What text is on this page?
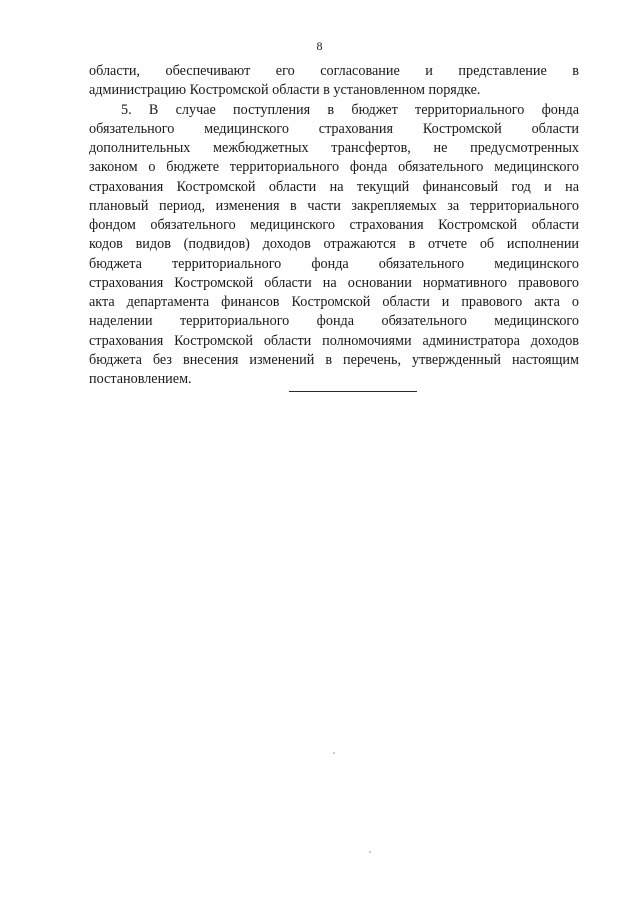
8
области, обеспечивают его согласование и представление в
администрацию Костромской области в установленном порядке.
5. В случае поступления в бюджет территориального фонда
обязательного медицинского страхования Костромской области
дополнительных межбюджетных трансфертов, не предусмотренных
законом о бюджете территориального фонда обязательного медицинского
страхования Костромской области на текущий финансовый год и на
плановый период, изменения в части закрепляемых за территориального
фондом обязательного медицинского страхования Костромской области
кодов видов (подвидов) доходов отражаются в отчете об исполнении
бюджета территориального фонда обязательного медицинского
страхования Костромской области на основании нормативного правового
акта департамента финансов Костромской области и правового акта о
наделении территориального фонда обязательного медицинского
страхования Костромской области полномочиями администратора доходов
бюджета без внесения изменений в перечень, утвержденный настоящим
постановлением.
